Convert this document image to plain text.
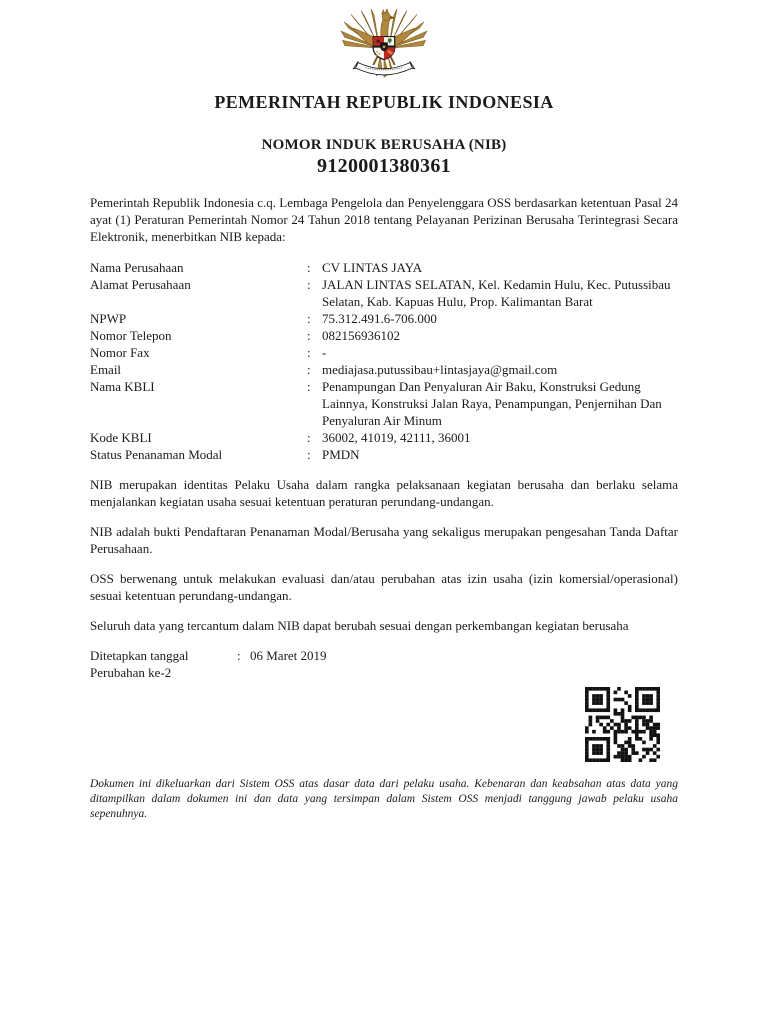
★
PEMERINTAH REPUBLIK INDONESIA
NOMOR INDUK BERUSAHA (NIB)
9120001380361

Pemerintah Republik Indonesia c.q. Lembaga Pengelola dan Penyelenggara OSS berdasarkan ketentuan Pasal 24 ayat (1) Peraturan Pemerintah Nomor 24 Tahun 2018 tentang Pelayanan Perizinan Berusaha Terintegrasi Secara Elektronik, menerbitkan NIB kepada:

Nama Perusahaan	: CV LINTAS JAYA
Alamat Perusahaan	: JALAN LINTAS SELATAN, Kel. Kedamin Hulu, Kec. Putussibau Selatan, Kab. Kapuas Hulu, Prop. Kalimantan Barat
NPWP	: 75.312.491.6-706.000
Nomor Telepon	: 082156936102
Nomor Fax	: -
Email	: mediajasa.putussibau+lintasjaya@gmail.com
Nama KBLI	: Penampungan Dan Penyaluran Air Baku, Konstruksi Gedung Lainnya, Konstruksi Jalan Raya, Penampungan, Penjernihan Dan Penyaluran Air Minum
Kode KBLI	: 36002, 41019, 42111, 36001
Status Penanaman Modal	: PMDN

NIB merupakan identitas Pelaku Usaha dalam rangka pelaksanaan kegiatan berusaha dan berlaku selama menjalankan kegiatan usaha sesuai ketentuan peraturan perundang-undangan.

NIB adalah bukti Pendaftaran Penanaman Modal/Berusaha yang sekaligus merupakan pengesahan Tanda Daftar Perusahaan.

OSS berwenang untuk melakukan evaluasi dan/atau perubahan atas izin usaha (izin komersial/operasional) sesuai ketentuan perundang-undangan.

Seluruh data yang tercantum dalam NIB dapat berubah sesuai dengan perkembangan kegiatan berusaha

Ditetapkan tanggal	: 06 Maret 2019
Perubahan ke-2

Dokumen ini dikeluarkan dari Sistem OSS atas dasar data dari pelaku usaha. Kebenaran dan keabsahan atas data yang ditampilkan dalam dokumen ini dan data yang tersimpan dalam Sistem OSS menjadi tanggung jawab pelaku usaha sepenuhnya.
